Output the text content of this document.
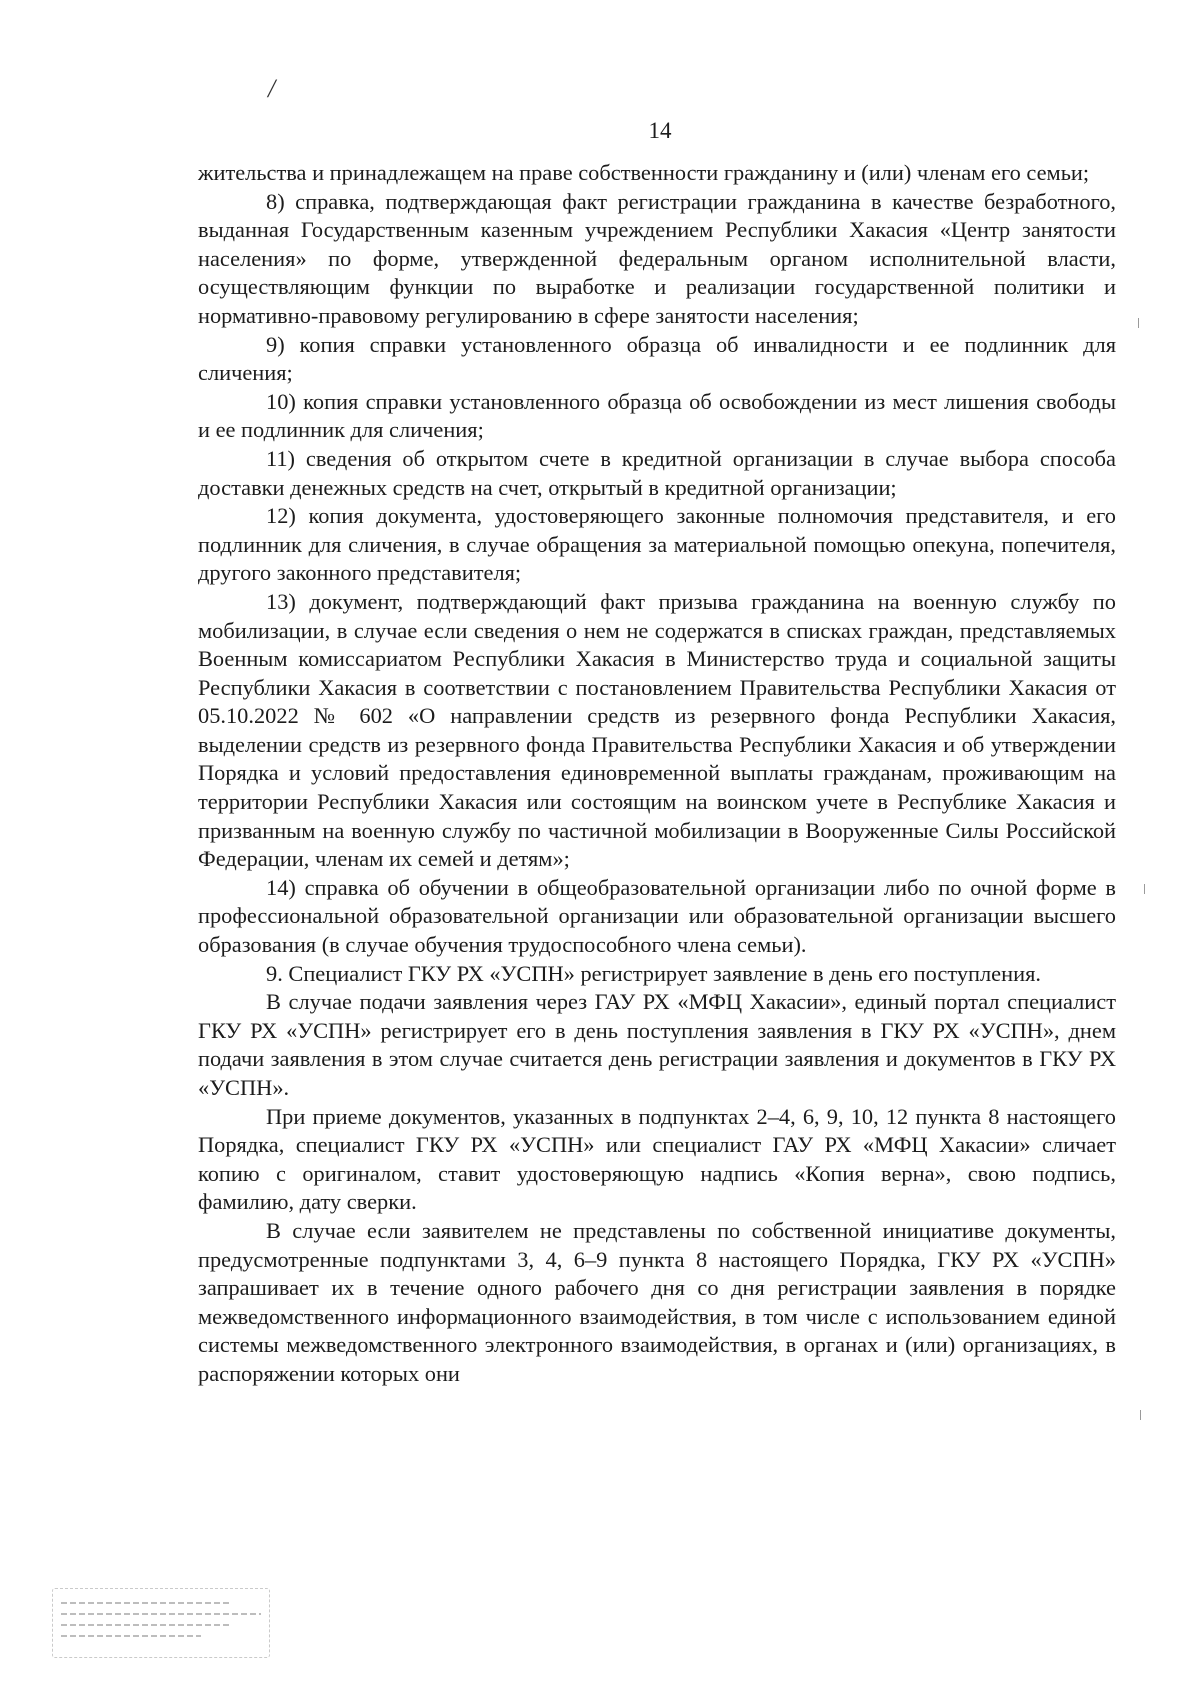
/
14

жительства и принадлежащем на праве собственности гражданину и (или) членам его семьи;

8) справка, подтверждающая факт регистрации гражданина в качестве безработного, выданная Государственным казенным учреждением Республики Хакасия «Центр занятости населения» по форме, утвержденной федеральным органом исполнительной власти, осуществляющим функции по выработке и реализации государственной политики и нормативно-правовому регулированию в сфере занятости населения;

9) копия справки установленного образца об инвалидности и ее подлинник для сличения;

10) копия справки установленного образца об освобождении из мест лишения свободы и ее подлинник для сличения;

11) сведения об открытом счете в кредитной организации в случае выбора способа доставки денежных средств на счет, открытый в кредитной организации;

12) копия документа, удостоверяющего законные полномочия представителя, и его подлинник для сличения, в случае обращения за материальной помощью опекуна, попечителя, другого законного представителя;

13) документ, подтверждающий факт призыва гражданина на военную службу по мобилизации, в случае если сведения о нем не содержатся в списках граждан, представляемых Военным комиссариатом Республики Хакасия в Министерство труда и социальной защиты Республики Хакасия в соответствии с постановлением Правительства Республики Хакасия от 05.10.2022 № 602 «О направлении средств из резервного фонда Республики Хакасия, выделении средств из резервного фонда Правительства Республики Хакасия и об утверждении Порядка и условий предоставления единовременной выплаты гражданам, проживающим на территории Республики Хакасия или состоящим на воинском учете в Республике Хакасия и призванным на военную службу по частичной мобилизации в Вооруженные Силы Российской Федерации, членам их семей и детям»;

14) справка об обучении в общеобразовательной организации либо по очной форме в профессиональной образовательной организации или образовательной организации высшего образования (в случае обучения трудоспособного члена семьи).

9. Специалист ГКУ РХ «УСПН» регистрирует заявление в день его поступления.

В случае подачи заявления через ГАУ РХ «МФЦ Хакасии», единый портал специалист ГКУ РХ «УСПН» регистрирует его в день поступления заявления в ГКУ РХ «УСПН», днем подачи заявления в этом случае считается день регистрации заявления и документов в ГКУ РХ «УСПН».

При приеме документов, указанных в подпунктах 2–4, 6, 9, 10, 12 пункта 8 настоящего Порядка, специалист ГКУ РХ «УСПН» или специалист ГАУ РХ «МФЦ Хакасии» сличает копию с оригиналом, ставит удостоверяющую надпись «Копия верна», свою подпись, фамилию, дату сверки.

В случае если заявителем не представлены по собственной инициативе документы, предусмотренные подпунктами 3, 4, 6–9 пункта 8 настоящего Порядка, ГКУ РХ «УСПН» запрашивает их в течение одного рабочего дня со дня регистрации заявления в порядке межведомственного информационного взаимодействия, в том числе с использованием единой системы межведомственного электронного взаимодействия, в органах и (или) организациях, в распоряжении которых они
